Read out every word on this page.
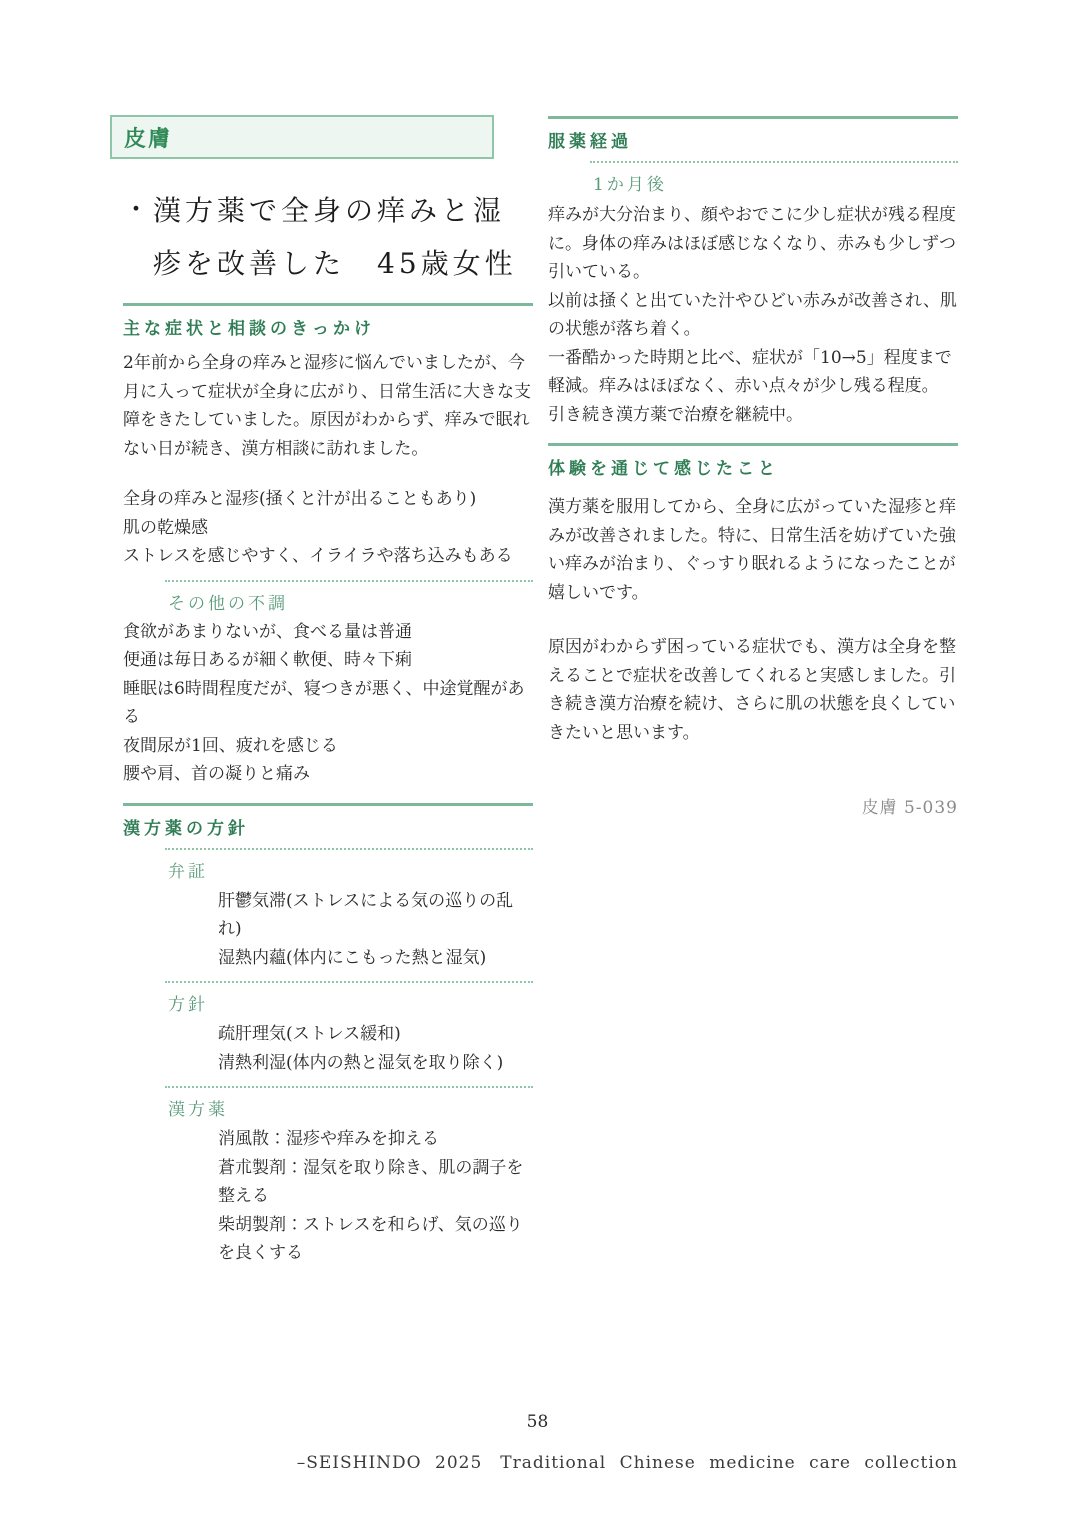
皮膚
・ 漢方薬で全身の痒みと湿
疹を改善した　45歳女性
主な症状と相談のきっかけ

2年前から全身の痒みと湿疹に悩んでいましたが、今月に入って症状が全身に広がり、日常生活に大きな支障をきたしていました。原因がわからず、痒みで眠れない日が続き、漢方相談に訪れました。

全身の痒みと湿疹(掻くと汁が出ることもあり)
肌の乾燥感
ストレスを感じやすく、イライラや落ち込みもある
その他の不調
食欲があまりないが、食べる量は普通
便通は毎日あるが細く軟便、時々下痢
睡眠は6時間程度だが、寝つきが悪く、中途覚醒がある
夜間尿が1回、疲れを感じる
腰や肩、首の凝りと痛み
漢方薬の方針
弁証
肝鬱気滞(ストレスによる気の巡りの乱れ)
湿熱内蘊(体内にこもった熱と湿気)
方針
疏肝理気(ストレス緩和)
清熱利湿(体内の熱と湿気を取り除く)
漢方薬
消風散：湿疹や痒みを抑える
蒼朮製剤：湿気を取り除き、肌の調子を整える
柴胡製剤：ストレスを和らげ、気の巡りを良くする
服薬経過
1か月後

痒みが大分治まり、顔やおでこに少し症状が残る程度に。身体の痒みはほぼ感じなくなり、赤みも少しずつ引いている。

以前は掻くと出ていた汁やひどい赤みが改善され、肌の状態が落ち着く。

一番酷かった時期と比べ、症状が「10→5」程度まで軽減。痒みはほぼなく、赤い点々が少し残る程度。

引き続き漢方薬で治療を継続中。

体験を通じて感じたこと

漢方薬を服用してから、全身に広がっていた湿疹と痒みが改善されました。特に、日常生活を妨げていた強い痒みが治まり、ぐっすり眠れるようになったことが嬉しいです。

原因がわからず困っている症状でも、漢方は全身を整えることで症状を改善してくれると実感しました。引き続き漢方治療を続け、さらに肌の状態を良くしていきたいと思います。

皮膚 5-039
58
–SEISHINDO 2025　Traditional Chinese medicine care collection
